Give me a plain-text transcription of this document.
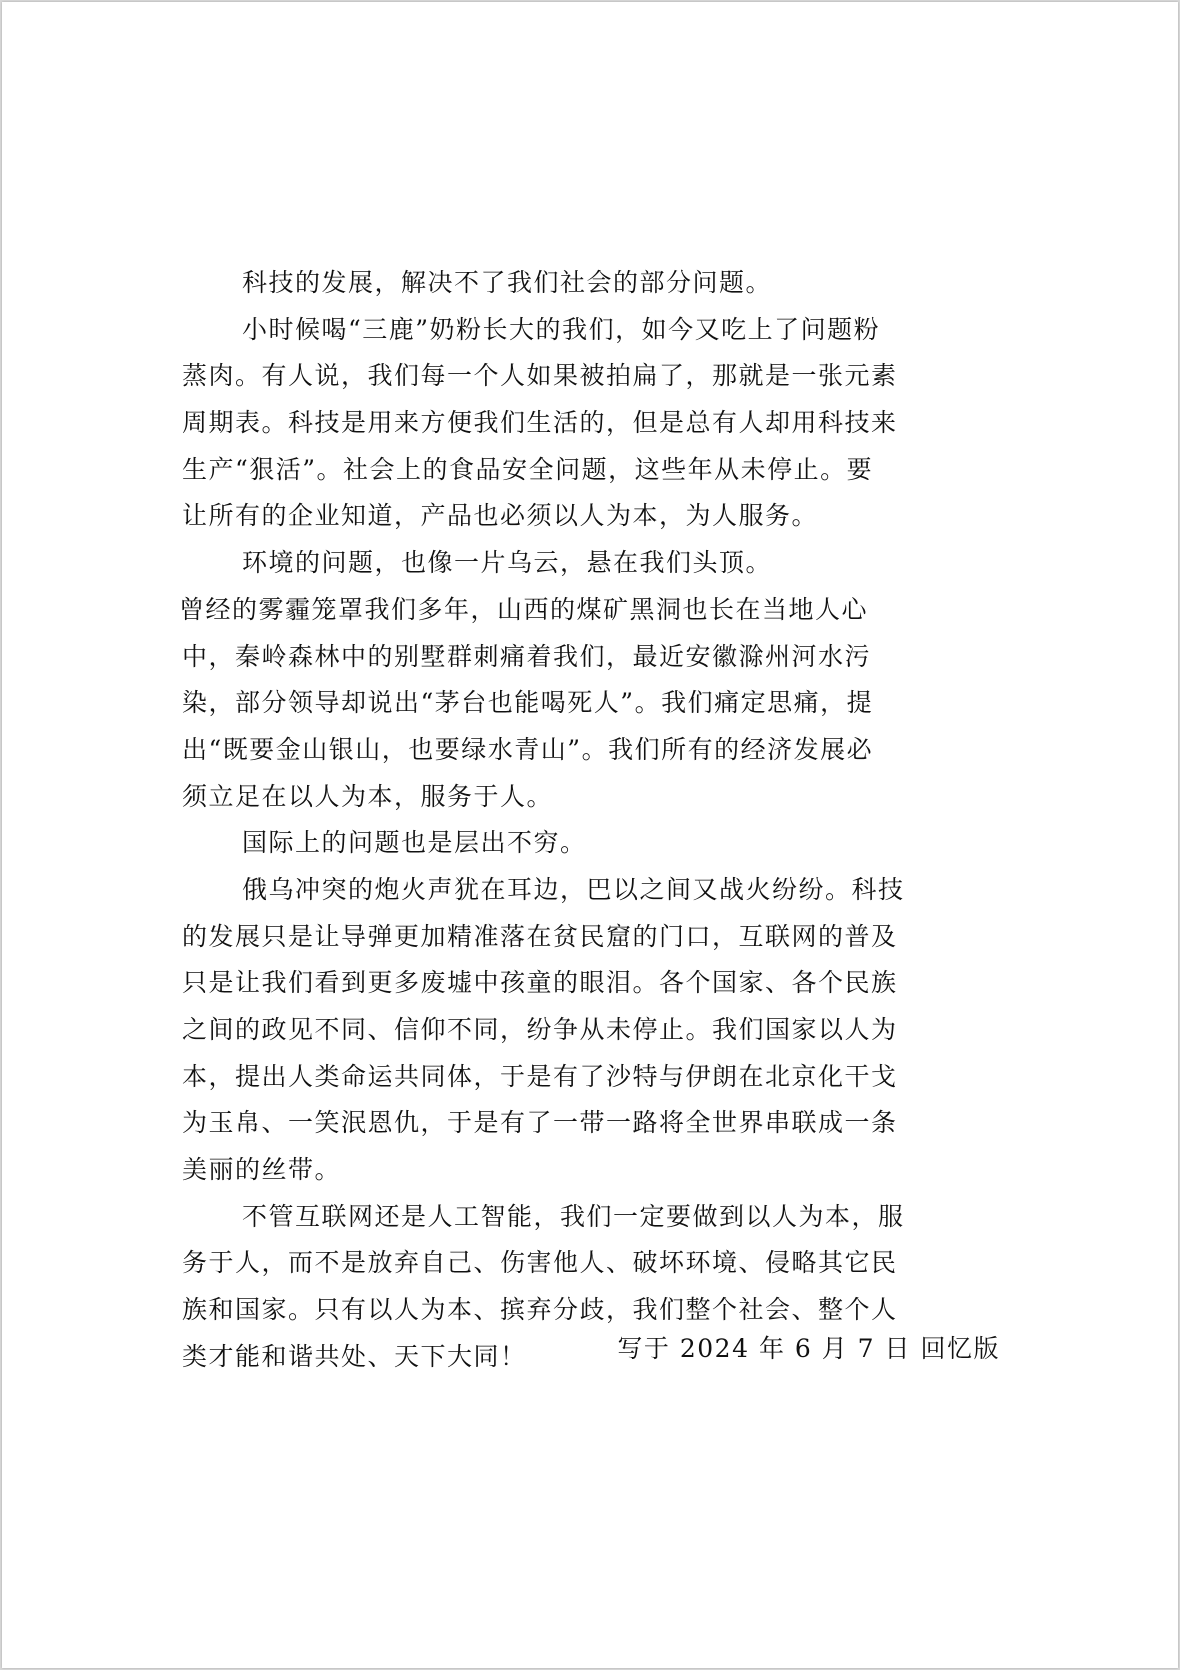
科技的发展，解决不了我们社会的部分问题。
小时候喝“三鹿”奶粉长大的我们，如今又吃上了问题粉
蒸肉。有人说，我们每一个人如果被拍扁了，那就是一张元素
周期表。科技是用来方便我们生活的，但是总有人却用科技来
生产“狠活”。社会上的食品安全问题，这些年从未停止。要
让所有的企业知道，产品也必须以人为本，为人服务。
环境的问题，也像一片乌云，悬在我们头顶。
曾经的雾霾笼罩我们多年，山西的煤矿黑洞也长在当地人心
中，秦岭森林中的别墅群刺痛着我们，最近安徽滁州河水污
染，部分领导却说出“茅台也能喝死人”。我们痛定思痛，提
出“既要金山银山，也要绿水青山”。我们所有的经济发展必
须立足在以人为本，服务于人。
国际上的问题也是层出不穷。
俄乌冲突的炮火声犹在耳边，巴以之间又战火纷纷。科技
的发展只是让导弹更加精准落在贫民窟的门口，互联网的普及
只是让我们看到更多废墟中孩童的眼泪。各个国家、各个民族
之间的政见不同、信仰不同，纷争从未停止。我们国家以人为
本，提出人类命运共同体，于是有了沙特与伊朗在北京化干戈
为玉帛、一笑泯恩仇，于是有了一带一路将全世界串联成一条
美丽的丝带。
不管互联网还是人工智能，我们一定要做到以人为本，服
务于人，而不是放弃自己、伤害他人、破坏环境、侵略其它民
族和国家。只有以人为本、摈弃分歧，我们整个社会、整个人
类才能和谐共处、天下大同！	写于 2024 年 6 月 7 日 回忆版
